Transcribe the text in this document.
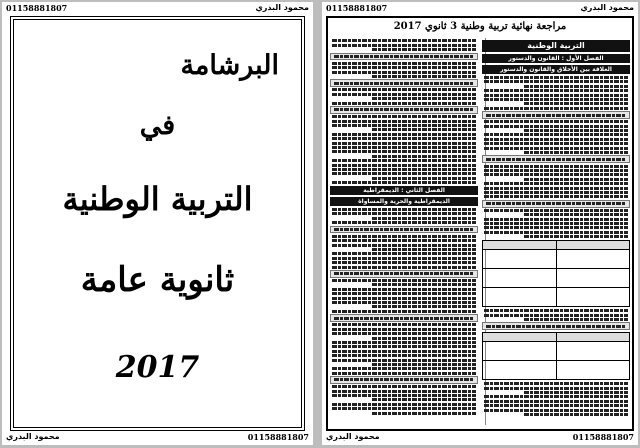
01158881807	محمود البدري
البرشامة
في
التربية الوطنية
ثانوية عامة
2017
محمود البدري	01158881807
01158881807	محمود البدري
مراجعة نهائية تربية وطنية 3 ثانوي 2017
التربية الوطنية
الفصل الأول : القانون والدستور
العلاقة بين الأخلاق والقانون والدستور

الفصل الثاني : الديمقراطية
الديمقراطية والحرية والمساواة
محمود البدري	01158881807
